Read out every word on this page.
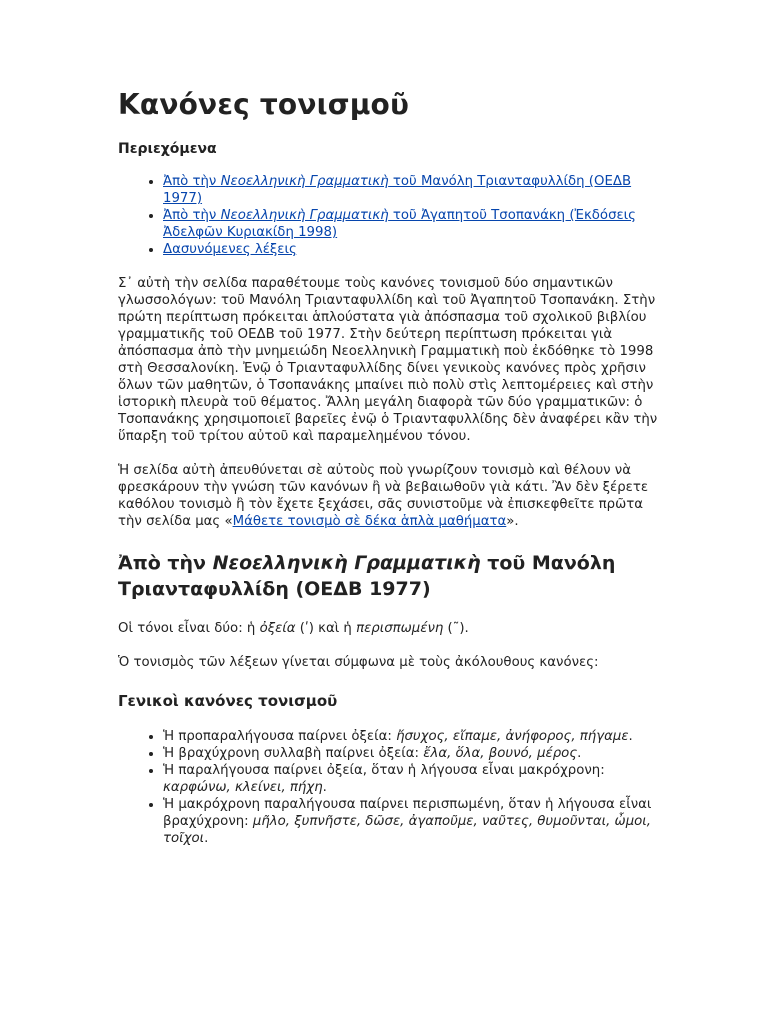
Κανόνες τονισμοῦ
Περιεχόμενα
• Ἀπὸ τὴν Νεοελληνικὴ Γραμματικὴ τοῦ Μανόλη Τριανταφυλλίδη (ΟΕΔΒ 1977)
• Ἀπὸ τὴν Νεοελληνικὴ Γραμματικὴ τοῦ Ἀγαπητοῦ Τσοπανάκη (Ἐκδόσεις Ἀδελφῶν Κυριακίδη 1998)
• Δασυνόμενες λέξεις

Σ᾿ αὐτὴ τὴν σελίδα παραθέτουμε τοὺς κανόνες τονισμοῦ δύο σημαντικῶν γλωσσολόγων: τοῦ Μανόλη Τριανταφυλλίδη καὶ τοῦ Ἀγαπητοῦ Τσοπανάκη. Στὴν πρώτη περίπτωση πρόκειται ἁπλούστατα γιὰ ἀπόσπασμα τοῦ σχολικοῦ βιβλίου γραμματικῆς τοῦ ΟΕΔΒ τοῦ 1977. Στὴν δεύτερη περίπτωση πρόκειται γιὰ ἀπόσπασμα ἀπὸ τὴν μνημειώδη Νεοελληνικὴ Γραμματικὴ ποὺ ἐκδόθηκε τὸ 1998 στὴ Θεσσαλονίκη. Ἐνῷ ὁ Τριανταφυλλίδης δίνει γενικοὺς κανόνες πρὸς χρῆσιν ὅλων τῶν μαθητῶν, ὁ Τσοπανάκης μπαίνει πιὸ πολὺ στὶς λεπτομέρειες καὶ στὴν ἱστορικὴ πλευρὰ τοῦ θέματος. Ἄλλη μεγάλη διαφορὰ τῶν δύο γραμματικῶν: ὁ Τσοπανάκης χρησιμοποιεῖ βαρεῖες ἐνῷ ὁ Τριανταφυλλίδης δὲν ἀναφέρει κἂν τὴν ὕπαρξη τοῦ τρίτου αὐτοῦ καὶ παραμελημένου τόνου.

Ἡ σελίδα αὐτὴ ἀπευθύνεται σὲ αὐτοὺς ποὺ γνωρίζουν τονισμὸ καὶ θέλουν νὰ φρεσκάρουν τὴν γνώση τῶν κανόνων ἢ νὰ βεβαιωθοῦν γιὰ κάτι. Ἂν δὲν ξέρετε καθόλου τονισμὸ ἢ τὸν ἔχετε ξεχάσει, σᾶς συνιστοῦμε νὰ ἐπισκεφθεῖτε πρῶτα τὴν σελίδα μας «Μάθετε τονισμὸ σὲ δέκα ἁπλὰ μαθήματα».

Ἀπὸ τὴν Νεοελληνικὴ Γραμματικὴ τοῦ Μανόλη Τριανταφυλλίδη (ΟΕΔΒ 1977)

Οἱ τόνοι εἶναι δύο: ἡ ὀξεία (ʹ) καὶ ἡ περισπωμένη (῀).

Ὁ τονισμὸς τῶν λέξεων γίνεται σύμφωνα μὲ τοὺς ἀκόλουθους κανόνες:

Γενικοὶ κανόνες τονισμοῦ
• Ἡ προπαραλήγουσα παίρνει ὀξεία: ἤσυχος, εἴπαμε, ἀνήφορος, πήγαμε.
• Ἡ βραχύχρονη συλλαβὴ παίρνει ὀξεία: ἔλα, ὅλα, βουνό, μέρος.
• Ἡ παραλήγουσα παίρνει ὀξεία, ὅταν ἡ λήγουσα εἶναι μακρόχρονη: καρφώνω, κλείνει, πήχη.
• Ἡ μακρόχρονη παραλήγουσα παίρνει περισπωμένη, ὅταν ἡ λήγουσα εἶναι βραχύχρονη: μῆλο, ξυπνῆστε, δῶσε, ἀγαποῦμε, ναῦτες, θυμοῦνται, ὦμοι, τοῖχοι.
